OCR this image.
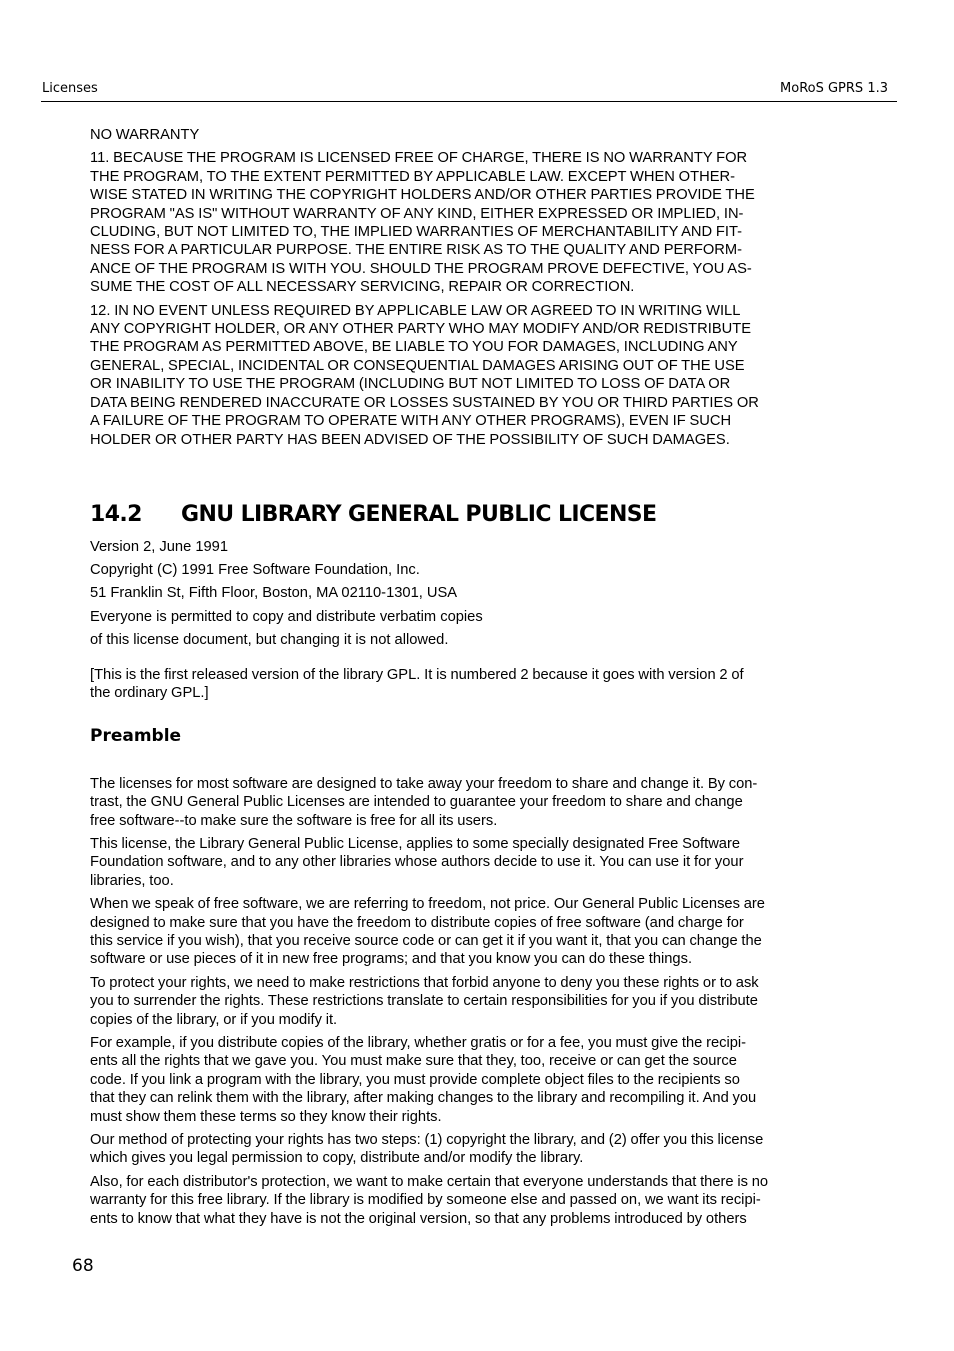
Licenses	MoRoS GPRS 1.3

NO WARRANTY

11. BECAUSE THE PROGRAM IS LICENSED FREE OF CHARGE, THERE IS NO WARRANTY FOR
THE PROGRAM, TO THE EXTENT PERMITTED BY APPLICABLE LAW. EXCEPT WHEN OTHER-
WISE STATED IN WRITING THE COPYRIGHT HOLDERS AND/OR OTHER PARTIES PROVIDE THE
PROGRAM "AS IS" WITHOUT WARRANTY OF ANY KIND, EITHER EXPRESSED OR IMPLIED, IN-
CLUDING, BUT NOT LIMITED TO, THE IMPLIED WARRANTIES OF MERCHANTABILITY AND FIT-
NESS FOR A PARTICULAR PURPOSE. THE ENTIRE RISK AS TO THE QUALITY AND PERFORM-
ANCE OF THE PROGRAM IS WITH YOU. SHOULD THE PROGRAM PROVE DEFECTIVE, YOU AS-
SUME THE COST OF ALL NECESSARY SERVICING, REPAIR OR CORRECTION.

12. IN NO EVENT UNLESS REQUIRED BY APPLICABLE LAW OR AGREED TO IN WRITING WILL
ANY COPYRIGHT HOLDER, OR ANY OTHER PARTY WHO MAY MODIFY AND/OR REDISTRIBUTE
THE PROGRAM AS PERMITTED ABOVE, BE LIABLE TO YOU FOR DAMAGES, INCLUDING ANY
GENERAL, SPECIAL, INCIDENTAL OR CONSEQUENTIAL DAMAGES ARISING OUT OF THE USE
OR INABILITY TO USE THE PROGRAM (INCLUDING BUT NOT LIMITED TO LOSS OF DATA OR
DATA BEING RENDERED INACCURATE OR LOSSES SUSTAINED BY YOU OR THIRD PARTIES OR
A FAILURE OF THE PROGRAM TO OPERATE WITH ANY OTHER PROGRAMS), EVEN IF SUCH
HOLDER OR OTHER PARTY HAS BEEN ADVISED OF THE POSSIBILITY OF SUCH DAMAGES.

14.2 GNU LIBRARY GENERAL PUBLIC LICENSE

Version 2, June 1991

Copyright (C) 1991 Free Software Foundation, Inc.

51 Franklin St, Fifth Floor, Boston, MA 02110-1301, USA

Everyone is permitted to copy and distribute verbatim copies

of this license document, but changing it is not allowed.

[This is the first released version of the library GPL. It is numbered 2 because it goes with version 2 of
the ordinary GPL.]

Preamble

The licenses for most software are designed to take away your freedom to share and change it. By con-
trast, the GNU General Public Licenses are intended to guarantee your freedom to share and change
free software--to make sure the software is free for all its users.

This license, the Library General Public License, applies to some specially designated Free Software
Foundation software, and to any other libraries whose authors decide to use it. You can use it for your
libraries, too.

When we speak of free software, we are referring to freedom, not price. Our General Public Licenses are
designed to make sure that you have the freedom to distribute copies of free software (and charge for
this service if you wish), that you receive source code or can get it if you want it, that you can change the
software or use pieces of it in new free programs; and that you know you can do these things.

To protect your rights, we need to make restrictions that forbid anyone to deny you these rights or to ask
you to surrender the rights. These restrictions translate to certain responsibilities for you if you distribute
copies of the library, or if you modify it.

For example, if you distribute copies of the library, whether gratis or for a fee, you must give the recipi-
ents all the rights that we gave you. You must make sure that they, too, receive or can get the source
code. If you link a program with the library, you must provide complete object files to the recipients so
that they can relink them with the library, after making changes to the library and recompiling it. And you
must show them these terms so they know their rights.

Our method of protecting your rights has two steps: (1) copyright the library, and (2) offer you this license
which gives you legal permission to copy, distribute and/or modify the library.

Also, for each distributor's protection, we want to make certain that everyone understands that there is no
warranty for this free library. If the library is modified by someone else and passed on, we want its recipi-
ents to know that what they have is not the original version, so that any problems introduced by others

68
